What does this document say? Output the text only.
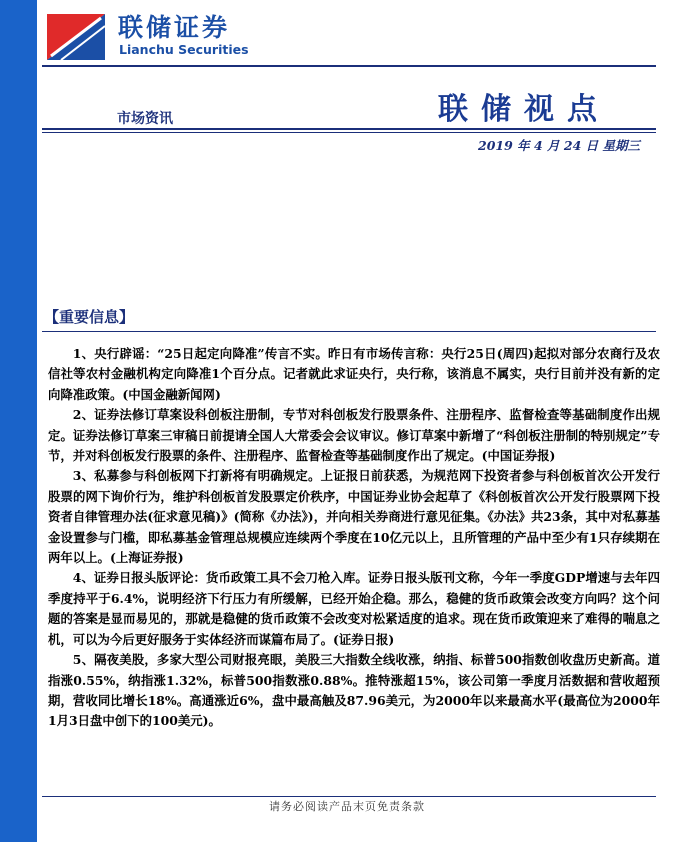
联储证券
Lianchu Securities
市场资讯	联储视点
2019 年 4 月 24 日 星期三
【重要信息】

1、央行辟谣：“25日起定向降准”传言不实。昨日有市场传言称：央行25日(周四)起拟对部分农商行及农信社等农村金融机构定向降准1个百分点。记者就此求证央行，央行称，该消息不属实，央行目前并没有新的定向降准政策。(中国金融新闻网)

2、证券法修订草案设科创板注册制，专节对科创板发行股票条件、注册程序、监督检查等基础制度作出规定。证券法修订草案三审稿日前提请全国人大常委会会议审议。修订草案中新增了“科创板注册制的特别规定”专节，并对科创板发行股票的条件、注册程序、监督检查等基础制度作出了规定。(中国证券报)

3、私募参与科创板网下打新将有明确规定。上证报日前获悉，为规范网下投资者参与科创板首次公开发行股票的网下询价行为，维护科创板首发股票定价秩序，中国证券业协会起草了《科创板首次公开发行股票网下投资者自律管理办法(征求意见稿)》(简称《办法》)，并向相关券商进行意见征集。《办法》共23条，其中对私募基金设置参与门槛，即私募基金管理总规模应连续两个季度在10亿元以上，且所管理的产品中至少有1只存续期在两年以上。(上海证券报)

4、证券日报头版评论：货币政策工具不会刀枪入库。证券日报头版刊文称，今年一季度GDP增速与去年四季度持平于6.4%，说明经济下行压力有所缓解，已经开始企稳。那么，稳健的货币政策会改变方向吗？这个问题的答案是显而易见的，那就是稳健的货币政策不会改变对松紧适度的追求。现在货币政策迎来了难得的喘息之机，可以为今后更好服务于实体经济而谋篇布局了。(证券日报)

5、隔夜美股，多家大型公司财报亮眼，美股三大指数全线收涨，纳指、标普500指数创收盘历史新高。道指涨0.55%，纳指涨1.32%，标普500指数涨0.88%。推特涨超15%，该公司第一季度月活数据和营收超预期，营收同比增长18%。高通涨近6%，盘中最高触及87.96美元，为2000年以来最高水平(最高位为2000年1月3日盘中创下的100美元)。

请务必阅读产品末页免责条款
